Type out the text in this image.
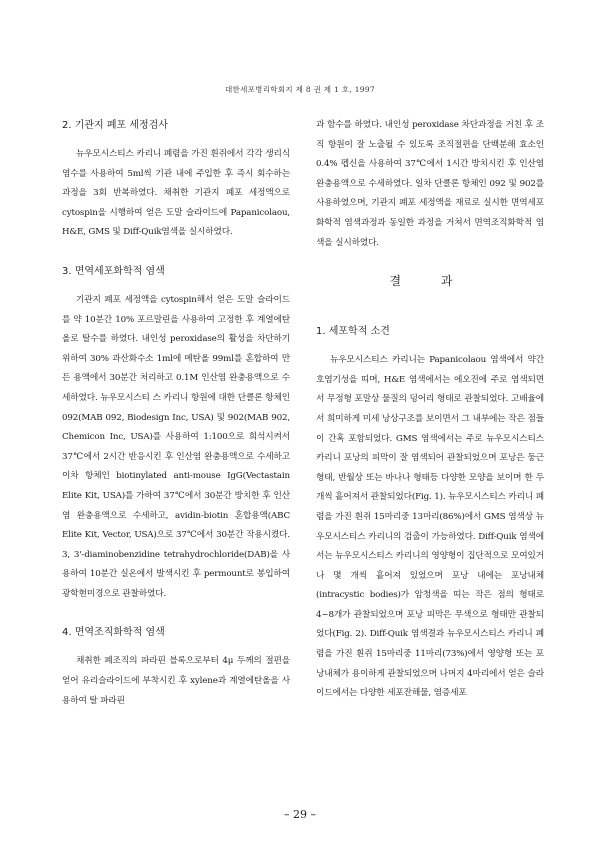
대한세포병리학회지 제 8 권 제 1 호, 1997
2. 기관지 폐포 세정검사

뉴우모시스티스 카리니 폐렴을 가진 흰쥐에서 각각 생리식염수를 사용하여 5ml씩 기관 내에 주입한 후 즉시 회수하는 과정을 3회 반복하였다. 채취한 기관지 폐포 세정액으로 cytospin을 시행하여 얻은 도말 슬라이드에 Papanicolaou, H&E, GMS 및 Diff-Quik염색을 실시하였다.

3. 면역세포화학적 염색

기관지 폐포 세정액을 cytospin해서 얻은 도말 슬라이드를 약 10분간 10% 포르말린을 사용하여 고정한 후 계열에탄올로 탈수를 하였다. 내인성 peroxidase의 활성을 차단하기 위하여 30% 과산화수소 1ml에 메탄올 99ml를 혼합하여 만든 용액에서 30분간 처리하고 0.1M 인산염 완충용액으로 수세하였다. 뉴우모시스티 스 카리니 항원에 대한 단클론 항체인 092(MAB 092, Biodesign Inc, USA) 및 902(MAB 902, Chemicon Inc, USA)를 사용하여 1:100으로 희석시켜서 37℃에서 2시간 반응시킨 후 인산염 완충용액으로 수세하고 이차 항체인 biotinylated anti-mouse IgG(Vectastain Elite Kit, USA)를 가하여 37℃에서 30분간 방치한 후 인산염 완충용액으로 수세하고, avidin-biotin 혼합용액(ABC Elite Kit, Vector, USA)으로 37℃에서 30분간 작용시켰다. 3, 3'-diaminobenzidine tetrahydrochloride(DAB)을 사용하여 10분간 실온에서 발색시킨 후 permount로 봉입하여 광학현미경으로 관찰하였다.

4. 면역조직화학적 염색

채취한 폐조직의 파라핀 블록으로부터 4μ 두께의 절편을 얻어 유리슬라이드에 부착시킨 후 xylene과 계열에탄올을 사용하여 탈 파라핀

과 함수를 하였다. 내인성 peroxidase 차단과정을 거친 후 조직 항원이 잘 노출될 수 있도록 조직절편을 단백분해 효소인 0.4% 펩신을 사용하여 37℃에서 1시간 방치시킨 후 인산염 완충용액으로 수세하였다. 일차 단클론 항체인 092 및 902를 사용하였으며, 기관지 폐포 세정액을 재료로 실시한 면역세포화학적 염색과정과 동일한 과정을 거쳐서 면역조직화학적 염색을 실시하였다.

결 과
1. 세포학적 소견

뉴우모시스티스 카리니는 Papanicolaou 염색에서 약간 호염기성을 띠며, H&E 염색에서는 에오진에 주로 염색되면서 무정형 포말상 물질의 덩어리 형태로 관찰되었다. 고배율에서 희미하게 미세 낭상구조를 보이면서 그 내부에는 작은 점들이 간혹 포함되었다. GMS 염색에서는 주로 뉴우모시스티스 카리니 포낭의 피막이 잘 염색되어 관찰되었으며 포낭은 둥근 형태, 반월상 또는 바나나 형태등 다양한 모양을 보이며 한 두 개씩 흩어져서 관찰되었다(Fig. 1). 뉴우모시스티스 카리니 폐렴을 가진 흰쥐 15마리중 13마리(86%)에서 GMS 염색상 뉴우모시스티스 카리니의 검출이 가능하였다. Diff-Quik 염색에서는 뉴우모시스티스 카리니의 영양형이 집단적으로 모여있거나 몇 개씩 흩어져 있었으며 포낭 내에는 포낭내체(intracystic bodies)가 암청색을 띠는 작은 점의 형태로 4~8개가 관찰되었으며 포낭 피막은 무색으로 형태만 관찰되었다(Fig. 2). Diff-Quik 염색결과 뉴우모시스티스 카리니 폐렴을 가진 흰쥐 15마리중 11마리(73%)에서 영양형 또는 포낭내체가 용이하게 관찰되었으며 나머지 4마리에서 얻은 슬라이드에서는 다양한 세포잔해물, 염증세포

– 29 –
